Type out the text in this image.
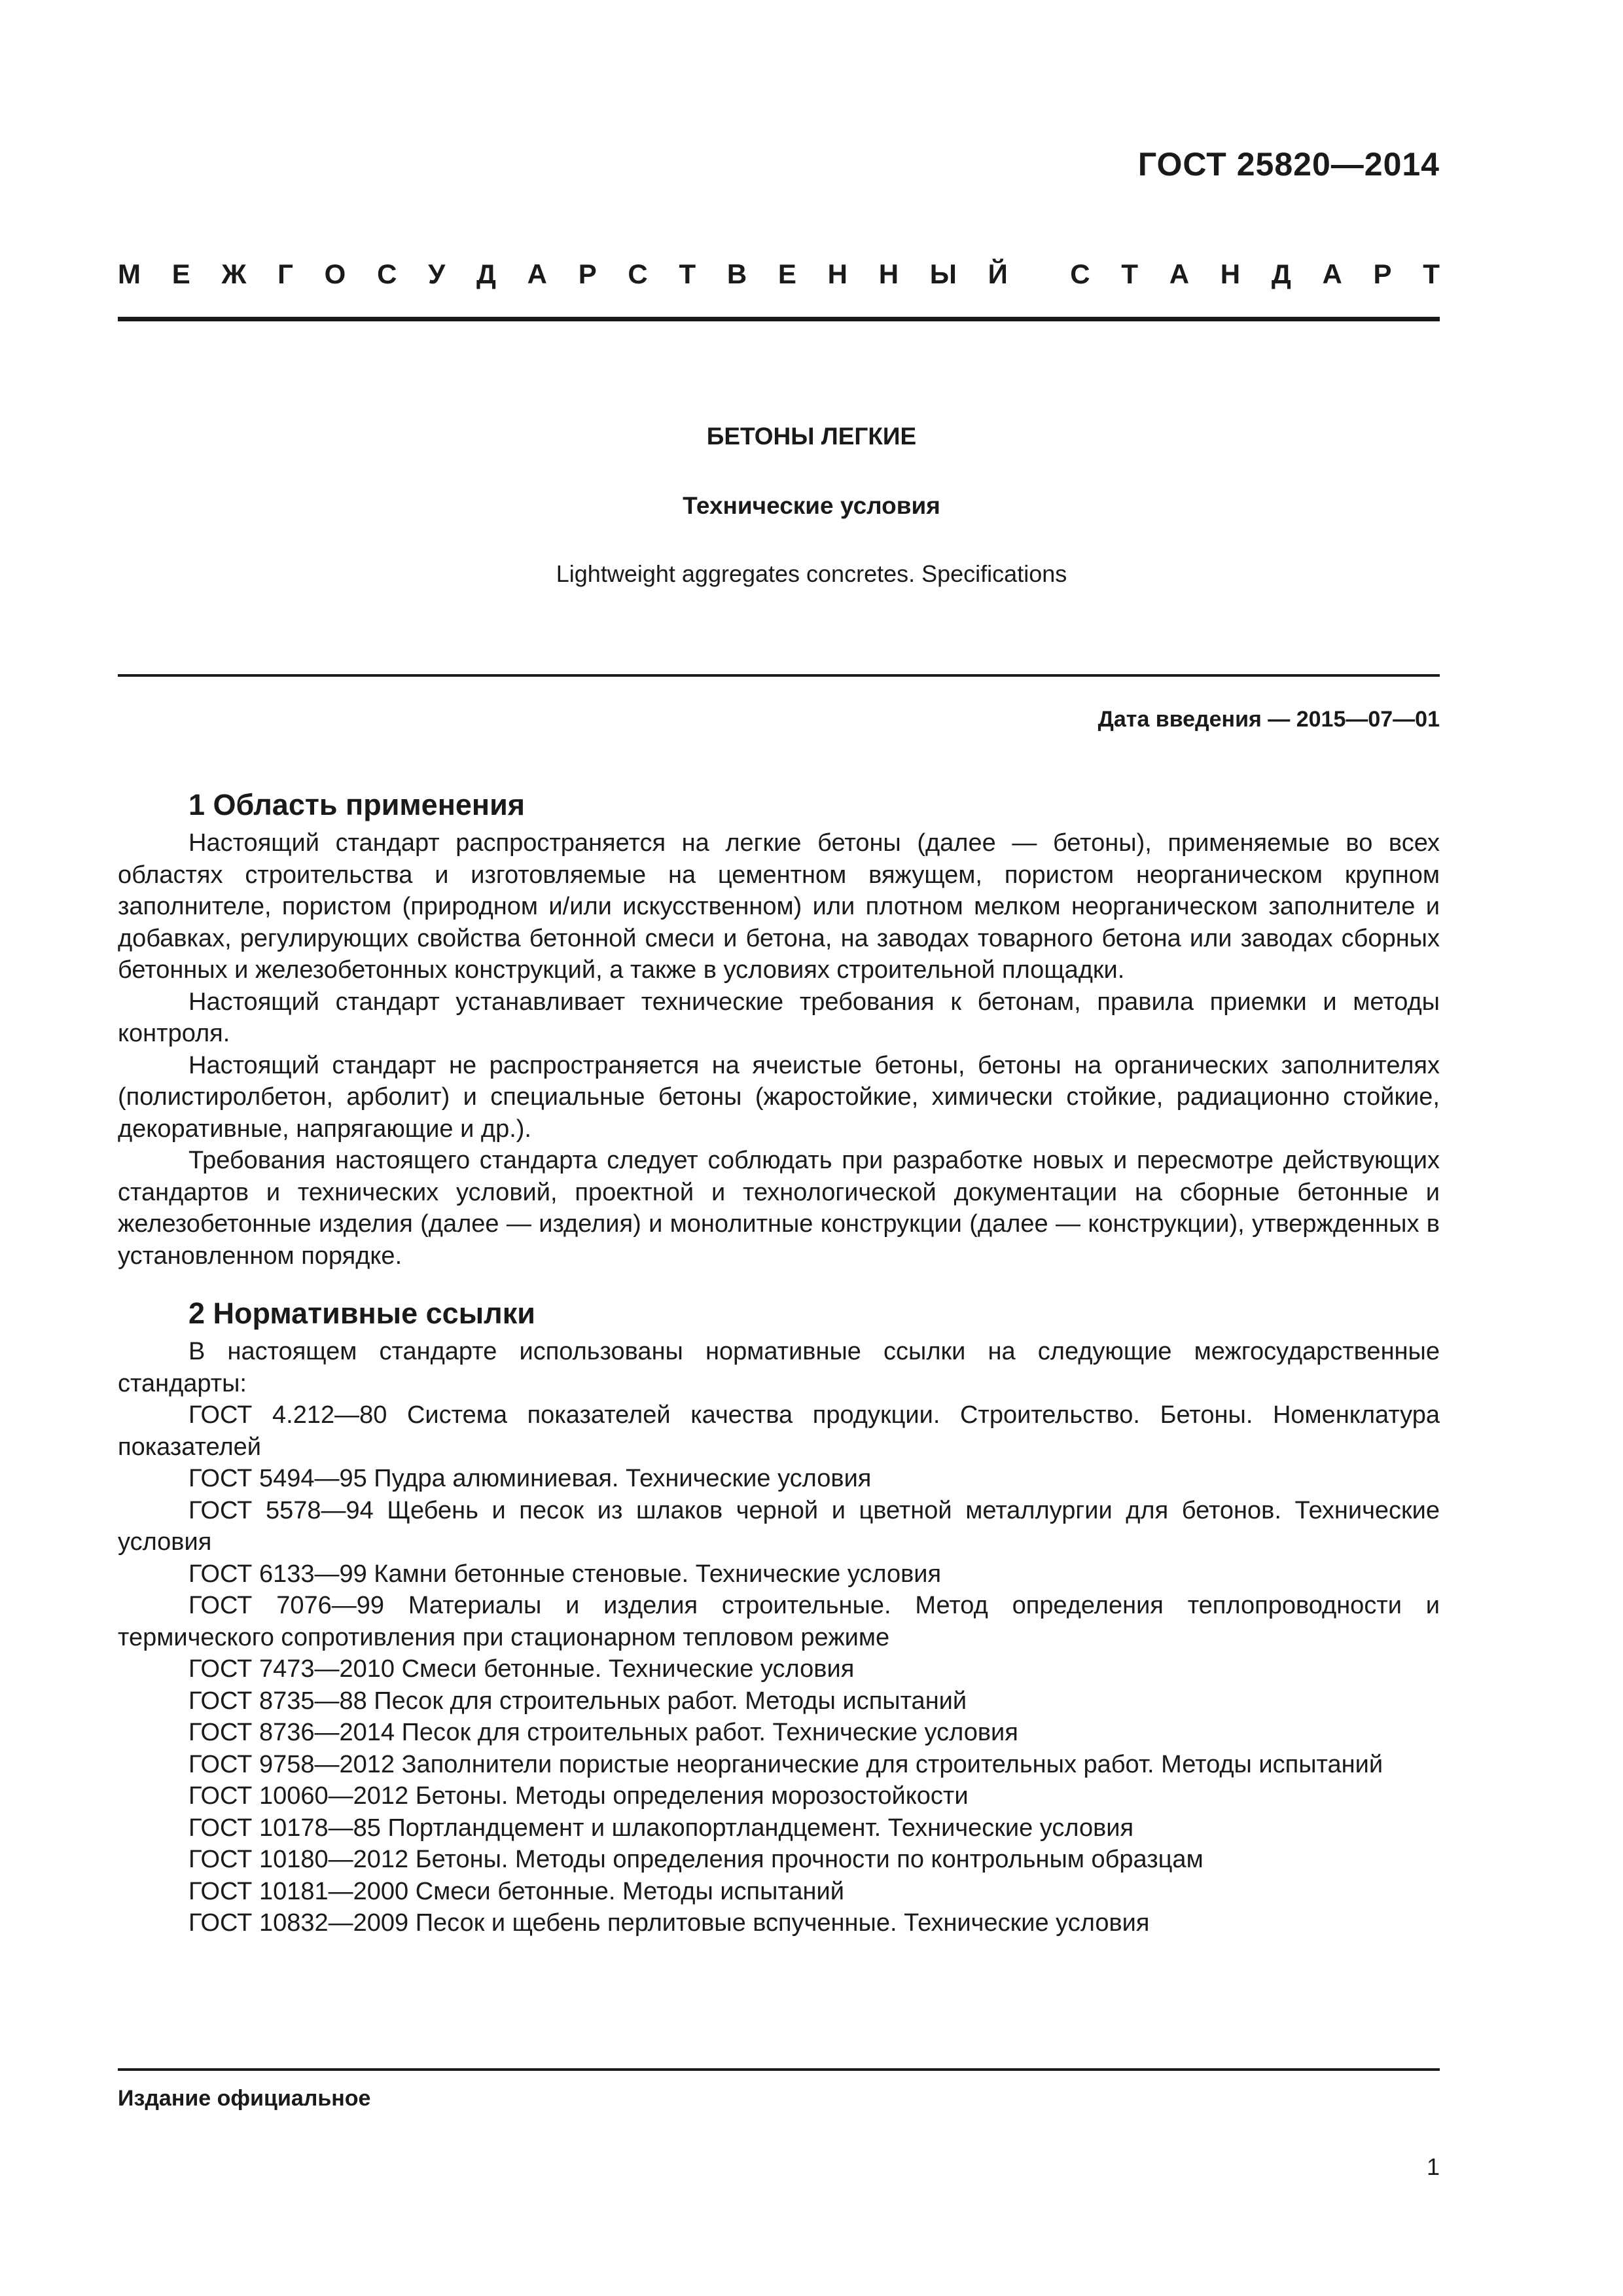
ГОСТ 25820—2014
М Е Ж Г О С У Д А Р С Т В Е Н Н Ы Й С Т А Н Д А Р Т
БЕТОНЫ ЛЕГКИЕ
Технические условия
Lightweight aggregates concretes. Specifications
Дата введения — 2015—07—01
1 Область применения

Настоящий стандарт распространяется на легкие бетоны (далее — бетоны), применяемые во всех областях строительства и изготовляемые на цементном вяжущем, пористом неорганическом крупном заполнителе, пористом (природном и/или искусственном) или плотном мелком неорганическом заполнителе и добавках, регулирующих свойства бетонной смеси и бетона, на заводах товарного бетона или заводах сборных бетонных и железобетонных конструкций, а также в условиях строительной площадки.

Настоящий стандарт устанавливает технические требования к бетонам, правила приемки и методы контроля.

Настоящий стандарт не распространяется на ячеистые бетоны, бетоны на органических заполнителях (полистиролбетон, арболит) и специальные бетоны (жаростойкие, химически стойкие, радиационно стойкие, декоративные, напрягающие и др.).

Требования настоящего стандарта следует соблюдать при разработке новых и пересмотре действующих стандартов и технических условий, проектной и технологической документации на сборные бетонные и железобетонные изделия (далее — изделия) и монолитные конструкции (далее — конструкции), утвержденных в установленном порядке.

2 Нормативные ссылки

В настоящем стандарте использованы нормативные ссылки на следующие межгосударственные стандарты:

ГОСТ 4.212—80 Система показателей качества продукции. Строительство. Бетоны. Номенклатура показателей

ГОСТ 5494—95 Пудра алюминиевая. Технические условия

ГОСТ 5578—94 Щебень и песок из шлаков черной и цветной металлургии для бетонов. Технические условия

ГОСТ 6133—99 Камни бетонные стеновые. Технические условия

ГОСТ 7076—99 Материалы и изделия строительные. Метод определения теплопроводности и термического сопротивления при стационарном тепловом режиме

ГОСТ 7473—2010 Смеси бетонные. Технические условия

ГОСТ 8735—88 Песок для строительных работ. Методы испытаний

ГОСТ 8736—2014 Песок для строительных работ. Технические условия

ГОСТ 9758—2012 Заполнители пористые неорганические для строительных работ. Методы испытаний

ГОСТ 10060—2012 Бетоны. Методы определения морозостойкости

ГОСТ 10178—85 Портландцемент и шлакопортландцемент. Технические условия

ГОСТ 10180—2012 Бетоны. Методы определения прочности по контрольным образцам

ГОСТ 10181—2000 Смеси бетонные. Методы испытаний

ГОСТ 10832—2009 Песок и щебень перлитовые вспученные. Технические условия

Издание официальное
1
